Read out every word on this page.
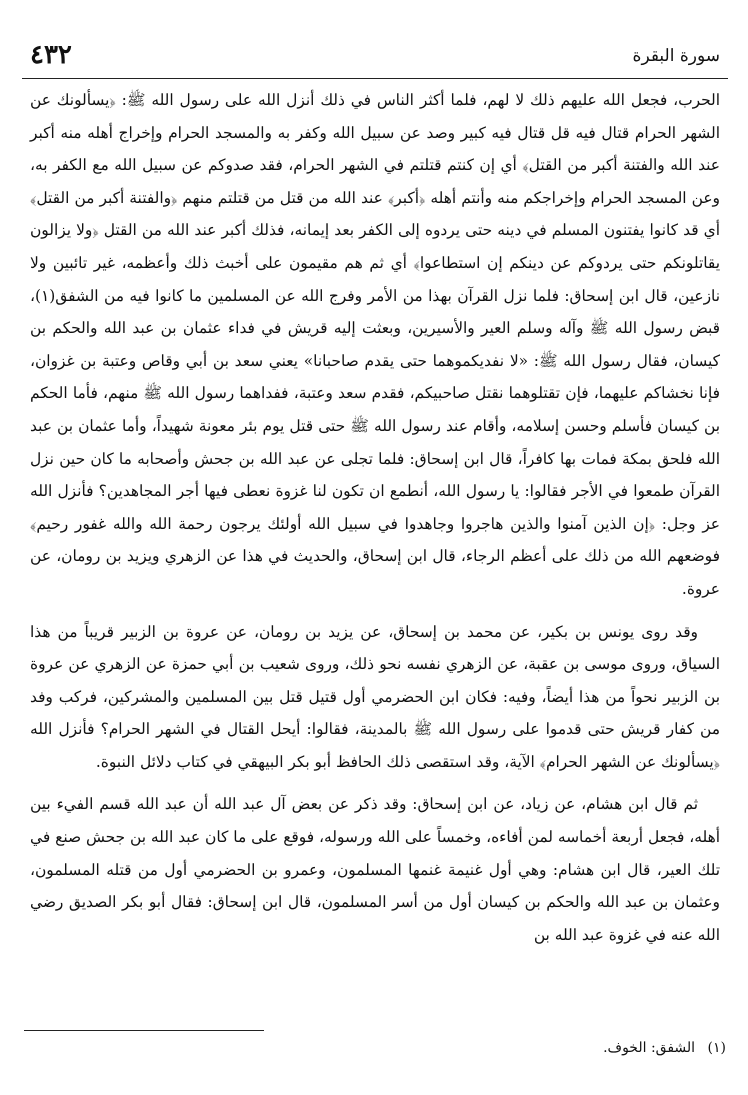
سورة البقرة
٤٣٢

الحرب، فجعل الله عليهم ذلك لا لهم، فلما أكثر الناس في ذلك أنزل الله على رسول الله ﷺ: ﴿يسألونك عن الشهر الحرام قتال فيه قل قتال فيه كبير وصد عن سبيل الله وكفر به والمسجد الحرام وإخراج أهله منه أكبر عند الله والفتنة أكبر من القتل﴾ أي إن كنتم قتلتم في الشهر الحرام، فقد صدوكم عن سبيل الله مع الكفر به، وعن المسجد الحرام وإخراجكم منه وأنتم أهله ﴿أكبر﴾ عند الله من قتل من قتلتم منهم ﴿والفتنة أكبر من القتل﴾ أي قد كانوا يفتنون المسلم في دينه حتى يردوه إلى الكفر بعد إيمانه، فذلك أكبر عند الله من القتل ﴿ولا يزالون يقاتلونكم حتى يردوكم عن دينكم إن استطاعوا﴾ أي ثم هم مقيمون على أخبث ذلك وأعظمه، غير تائبين ولا نازعين، قال ابن إسحاق: فلما نزل القرآن بهذا من الأمر وفرج الله عن المسلمين ما كانوا فيه من الشفق(١)، قبض رسول الله ﷺ وآله وسلم العير والأسيرين، وبعثت إليه قريش في فداء عثمان بن عبد الله والحكم بن كيسان، فقال رسول الله ﷺ: «لا نفديكموهما حتى يقدم صاحبانا» يعني سعد بن أبي وقاص وعتبة بن غزوان، فإنا نخشاكم عليهما، فإن تقتلوهما نقتل صاحبيكم، فقدم سعد وعتبة، ففداهما رسول الله ﷺ منهم، فأما الحكم بن كيسان فأسلم وحسن إسلامه، وأقام عند رسول الله ﷺ حتى قتل يوم بئر معونة شهيداً، وأما عثمان بن عبد الله فلحق بمكة فمات بها كافراً، قال ابن إسحاق: فلما تجلى عن عبد الله بن جحش وأصحابه ما كان حين نزل القرآن طمعوا في الأجر فقالوا: يا رسول الله، أنطمع ان تكون لنا غزوة نعطى فيها أجر المجاهدين؟ فأنزل الله عز وجل: ﴿إن الذين آمنوا والذين هاجروا وجاهدوا في سبيل الله أولئك يرجون رحمة الله والله غفور رحيم﴾ فوضعهم الله من ذلك على أعظم الرجاء، قال ابن إسحاق، والحديث في هذا عن الزهري ويزيد بن رومان، عن عروة.

وقد روى يونس بن بكير، عن محمد بن إسحاق، عن يزيد بن رومان، عن عروة بن الزبير قريباً من هذا السياق، وروى موسى بن عقبة، عن الزهري نفسه نحو ذلك، وروى شعيب بن أبي حمزة عن الزهري عن عروة بن الزبير نحواً من هذا أيضاً، وفيه: فكان ابن الحضرمي أول قتيل قتل بين المسلمين والمشركين، فركب وفد من كفار قريش حتى قدموا على رسول الله ﷺ بالمدينة، فقالوا: أيحل القتال في الشهر الحرام؟ فأنزل الله ﴿يسألونك عن الشهر الحرام﴾ الآية، وقد استقصى ذلك الحافظ أبو بكر البيهقي في كتاب دلائل النبوة.

ثم قال ابن هشام، عن زياد، عن ابن إسحاق: وقد ذكر عن بعض آل عبد الله أن عبد الله قسم الفيء بين أهله، فجعل أربعة أخماسه لمن أفاءه، وخمساً على الله ورسوله، فوقع على ما كان عبد الله بن جحش صنع في تلك العير، قال ابن هشام: وهي أول غنيمة غنمها المسلمون، وعمرو بن الحضرمي أول من قتله المسلمون، وعثمان بن عبد الله والحكم بن كيسان أول من أسر المسلمون، قال ابن إسحاق: فقال أبو بكر الصديق رضي الله عنه في غزوة عبد الله بن

(١) الشفق: الخوف.
